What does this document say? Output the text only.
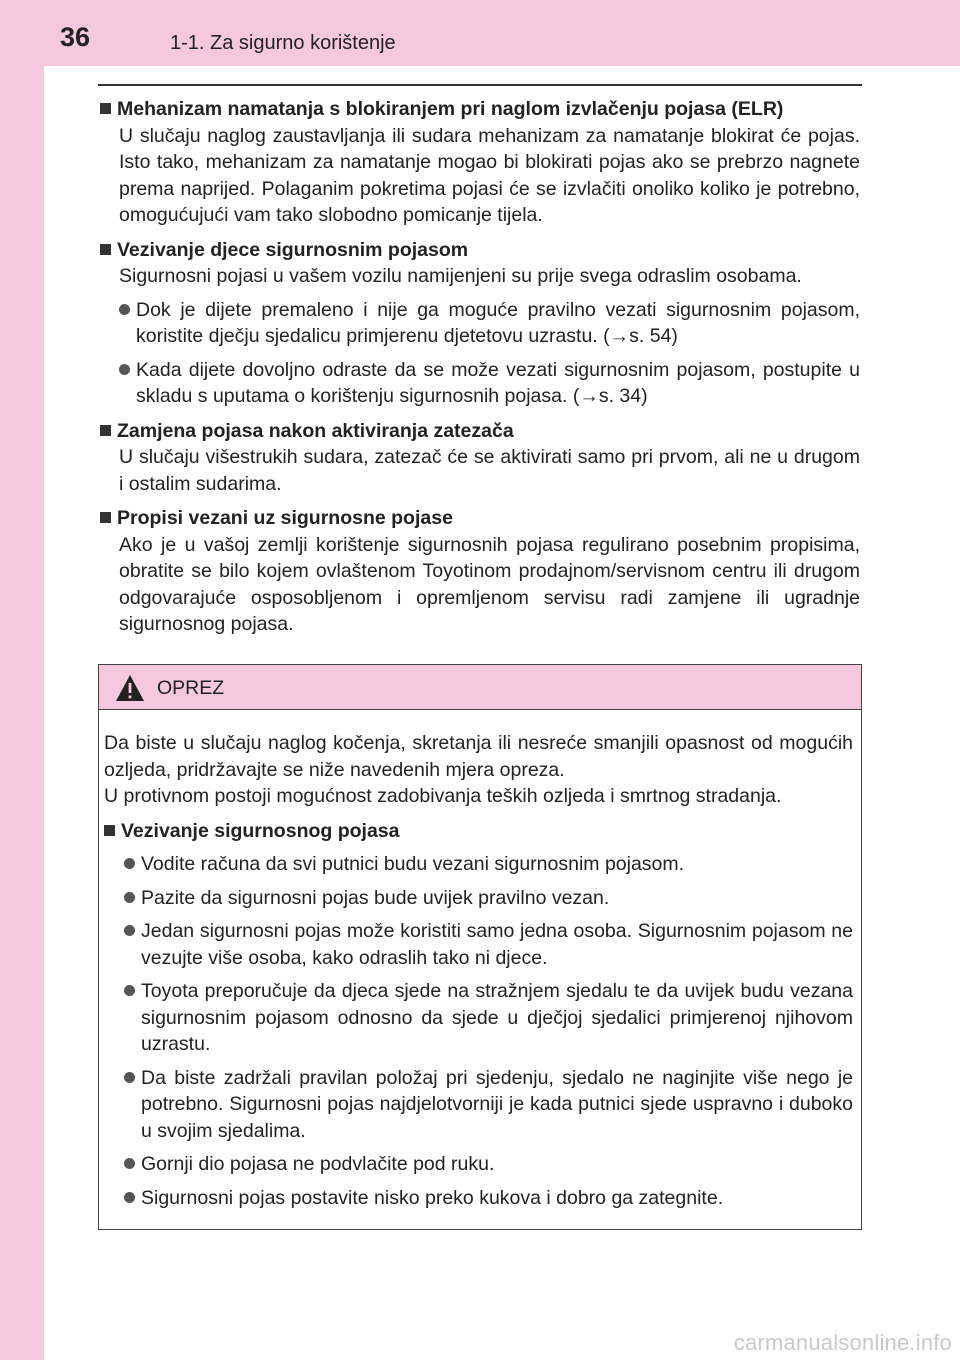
36	1-1. Za sigurno korištenje
Mehanizam namatanja s blokiranjem pri naglom izvlačenju pojasa (ELR)
U slučaju naglog zaustavljanja ili sudara mehanizam za namatanje blokirat će pojas. Isto tako, mehanizam za namatanje mogao bi blokirati pojas ako se prebrzo nagnete prema naprijed. Polaganim pokretima pojasi će se izvlačiti onoliko koliko je potrebno, omogućujući vam tako slobodno pomicanje tijela.
Vezivanje djece sigurnosnim pojasom
Sigurnosni pojasi u vašem vozilu namijenjeni su prije svega odraslim osobama.
Dok je dijete premaleno i nije ga moguće pravilno vezati sigurnosnim pojasom, koristite dječju sjedalicu primjerenu djetetovu uzrastu. (→s. 54)
Kada dijete dovoljno odraste da se može vezati sigurnosnim pojasom, postupite u skladu s uputama o korištenju sigurnosnih pojasa. (→s. 34)
Zamjena pojasa nakon aktiviranja zatezača
U slučaju višestrukih sudara, zatezač će se aktivirati samo pri prvom, ali ne u drugom i ostalim sudarima.
Propisi vezani uz sigurnosne pojase
Ako je u vašoj zemlji korištenje sigurnosnih pojasa regulirano posebnim propisima, obratite se bilo kojem ovlaštenom Toyotinom prodajnom/servisnom centru ili drugom odgovarajuće osposobljenom i opremljenom servisu radi zamjene ili ugradnje sigurnosnog pojasa.
OPREZ
Da biste u slučaju naglog kočenja, skretanja ili nesreće smanjili opasnost od mogućih ozljeda, pridržavajte se niže navedenih mjera opreza.
U protivnom postoji mogućnost zadobivanja teških ozljeda i smrtnog stradanja.
Vezivanje sigurnosnog pojasa
Vodite računa da svi putnici budu vezani sigurnosnim pojasom.
Pazite da sigurnosni pojas bude uvijek pravilno vezan.
Jedan sigurnosni pojas može koristiti samo jedna osoba. Sigurnosnim pojasom ne vezujte više osoba, kako odraslih tako ni djece.
Toyota preporučuje da djeca sjede na stražnjem sjedalu te da uvijek budu vezana sigurnosnim pojasom odnosno da sjede u dječjoj sjedalici primjerenoj njihovom uzrastu.
Da biste zadržali pravilan položaj pri sjedenju, sjedalo ne naginjite više nego je potrebno. Sigurnosni pojas najdjelotvorniji je kada putnici sjede uspravno i duboko u svojim sjedalima.
Gornji dio pojasa ne podvlačite pod ruku.
Sigurnosni pojas postavite nisko preko kukova i dobro ga zategnite.
carmanualsonline.info
